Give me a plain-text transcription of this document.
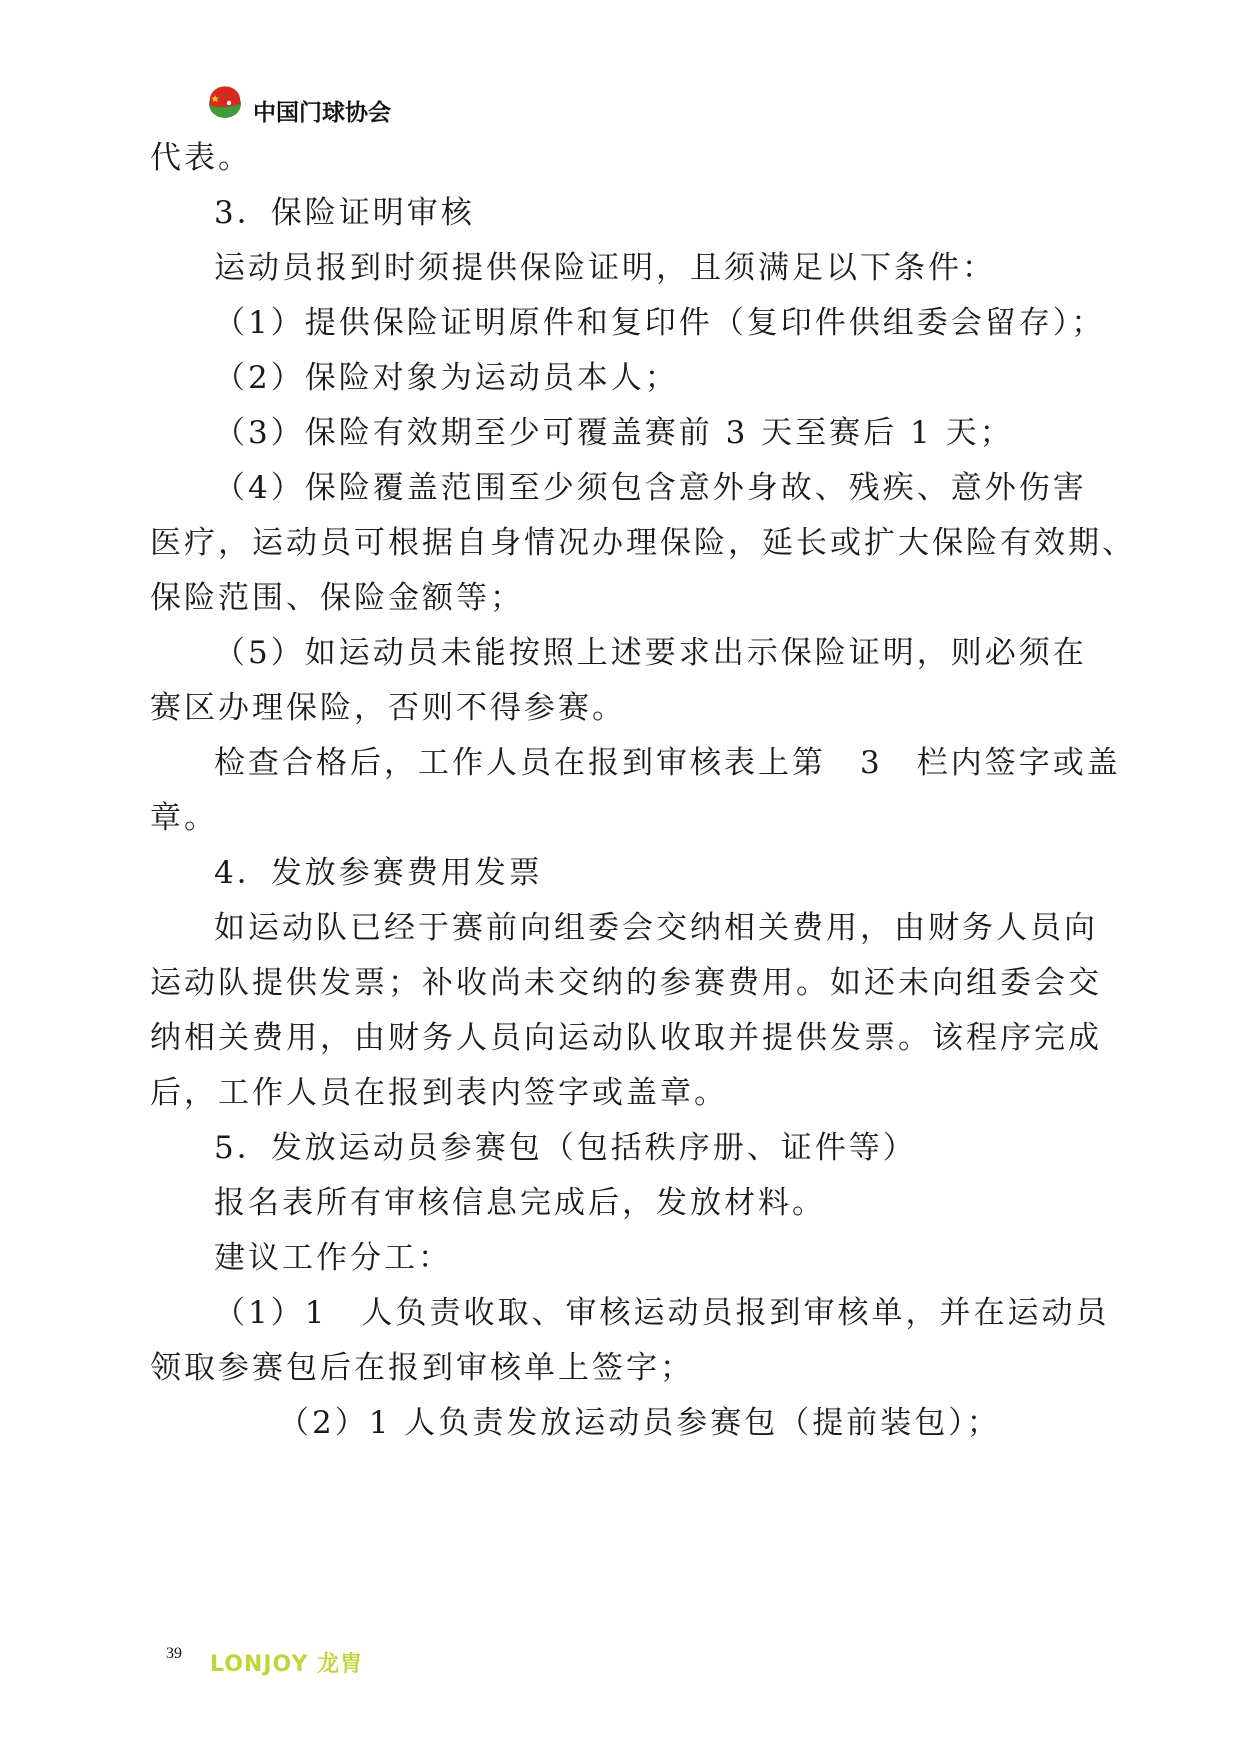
中国门球协会
代表。
3．保险证明审核
运动员报到时须提供保险证明，且须满足以下条件：
（1）提供保险证明原件和复印件（复印件供组委会留存）；
（2）保险对象为运动员本人；
（3）保险有效期至少可覆盖赛前 3 天至赛后 1 天；
（4）保险覆盖范围至少须包含意外身故、残疾、意外伤害
医疗，运动员可根据自身情况办理保险，延长或扩大保险有效期、
保险范围、保险金额等；
（5）如运动员未能按照上述要求出示保险证明，则必须在
赛区办理保险，否则不得参赛。
检查合格后，工作人员在报到审核表上第　3　栏内签字或盖
章。
4．发放参赛费用发票
如运动队已经于赛前向组委会交纳相关费用，由财务人员向
运动队提供发票；补收尚未交纳的参赛费用。如还未向组委会交
纳相关费用，由财务人员向运动队收取并提供发票。该程序完成
后，工作人员在报到表内签字或盖章。
5．发放运动员参赛包（包括秩序册、证件等）
报名表所有审核信息完成后，发放材料。
建议工作分工：
（1）1　人负责收取、审核运动员报到审核单，并在运动员
领取参赛包后在报到审核单上签字；
（2）1 人负责发放运动员参赛包（提前装包）；
39 LONJOY 龙胄
